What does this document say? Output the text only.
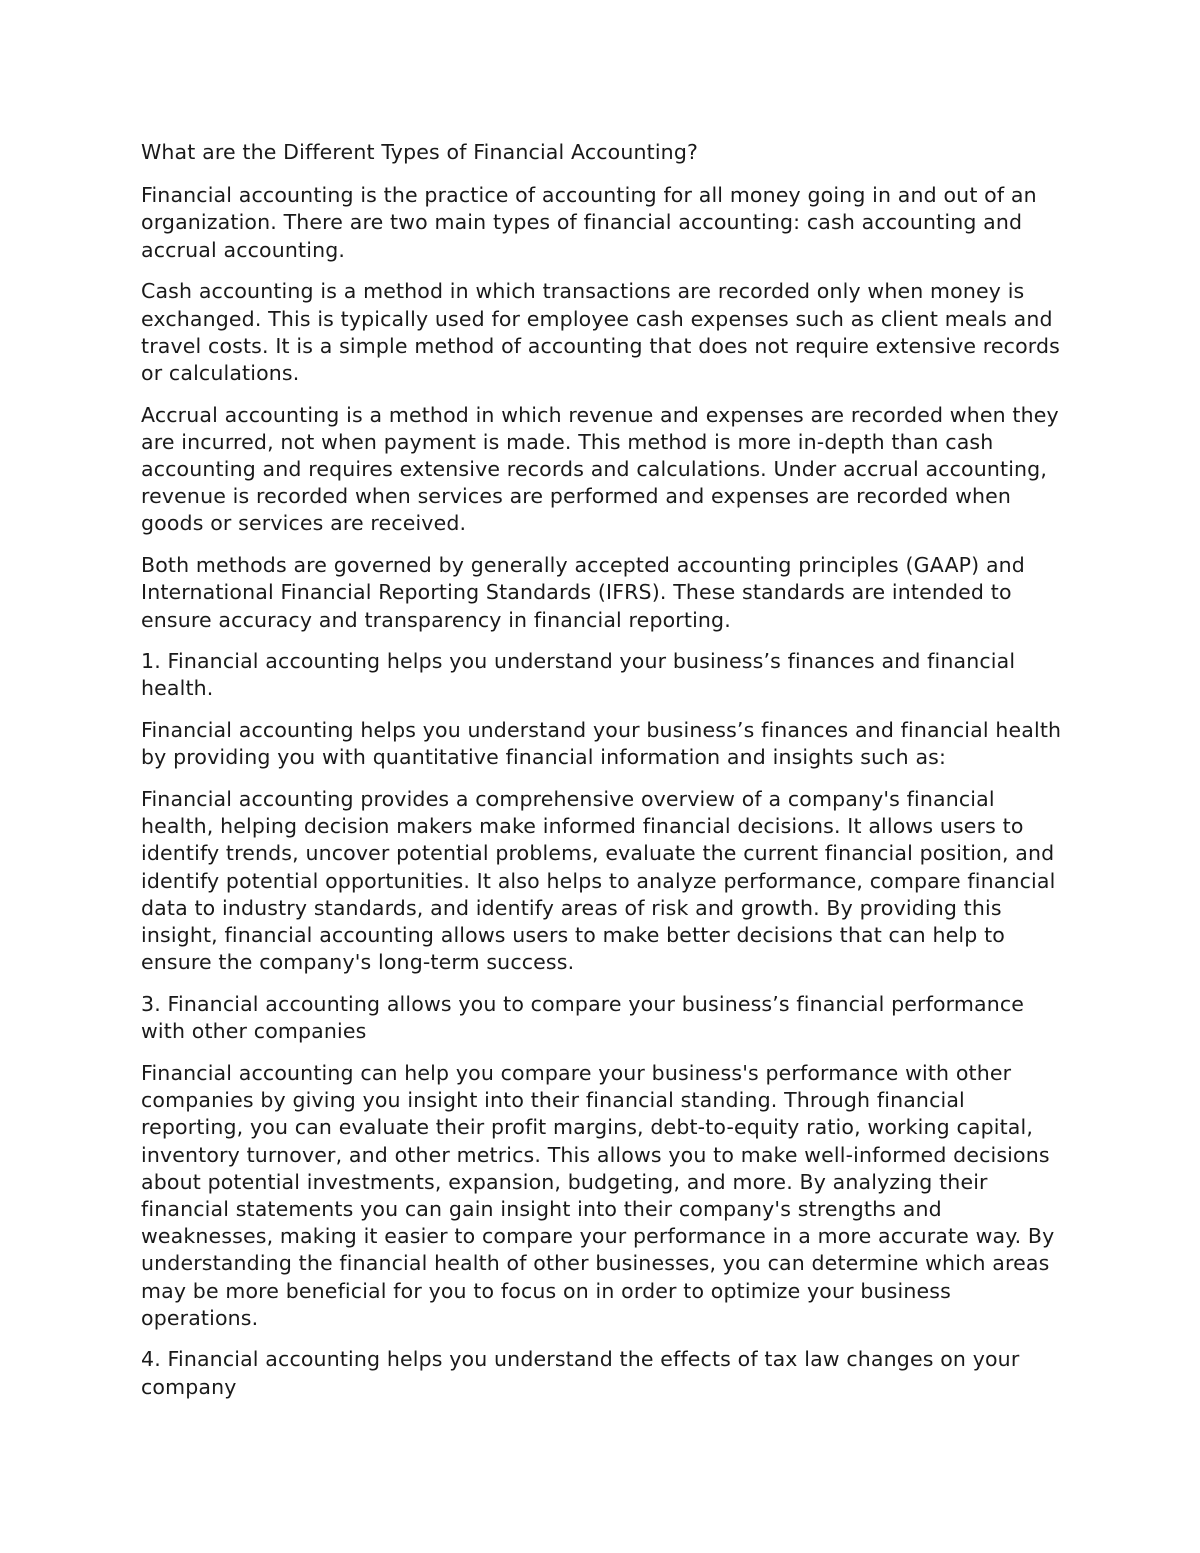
What are the Different Types of Financial Accounting?

Financial accounting is the practice of accounting for all money going in and out of an organization. There are two main types of financial accounting: cash accounting and accrual accounting.

Cash accounting is a method in which transactions are recorded only when money is exchanged. This is typically used for employee cash expenses such as client meals and travel costs. It is a simple method of accounting that does not require extensive records or calculations.

Accrual accounting is a method in which revenue and expenses are recorded when they are incurred, not when payment is made. This method is more in-depth than cash accounting and requires extensive records and calculations. Under accrual accounting, revenue is recorded when services are performed and expenses are recorded when goods or services are received.

Both methods are governed by generally accepted accounting principles (GAAP) and International Financial Reporting Standards (IFRS). These standards are intended to ensure accuracy and transparency in financial reporting.

1. Financial accounting helps you understand your business’s finances and financial health.

Financial accounting helps you understand your business’s finances and financial health by providing you with quantitative financial information and insights such as:

Financial accounting provides a comprehensive overview of a company's financial health, helping decision makers make informed financial decisions. It allows users to identify trends, uncover potential problems, evaluate the current financial position, and identify potential opportunities. It also helps to analyze performance, compare financial data to industry standards, and identify areas of risk and growth. By providing this insight, financial accounting allows users to make better decisions that can help to ensure the company's long-term success.

3. Financial accounting allows you to compare your business’s financial performance with other companies

Financial accounting can help you compare your business's performance with other companies by giving you insight into their financial standing. Through financial reporting, you can evaluate their profit margins, debt-to-equity ratio, working capital, inventory turnover, and other metrics. This allows you to make well-informed decisions about potential investments, expansion, budgeting, and more. By analyzing their financial statements you can gain insight into their company's strengths and weaknesses, making it easier to compare your performance in a more accurate way. By understanding the financial health of other businesses, you can determine which areas may be more beneficial for you to focus on in order to optimize your business operations.

4. Financial accounting helps you understand the effects of tax law changes on your company
